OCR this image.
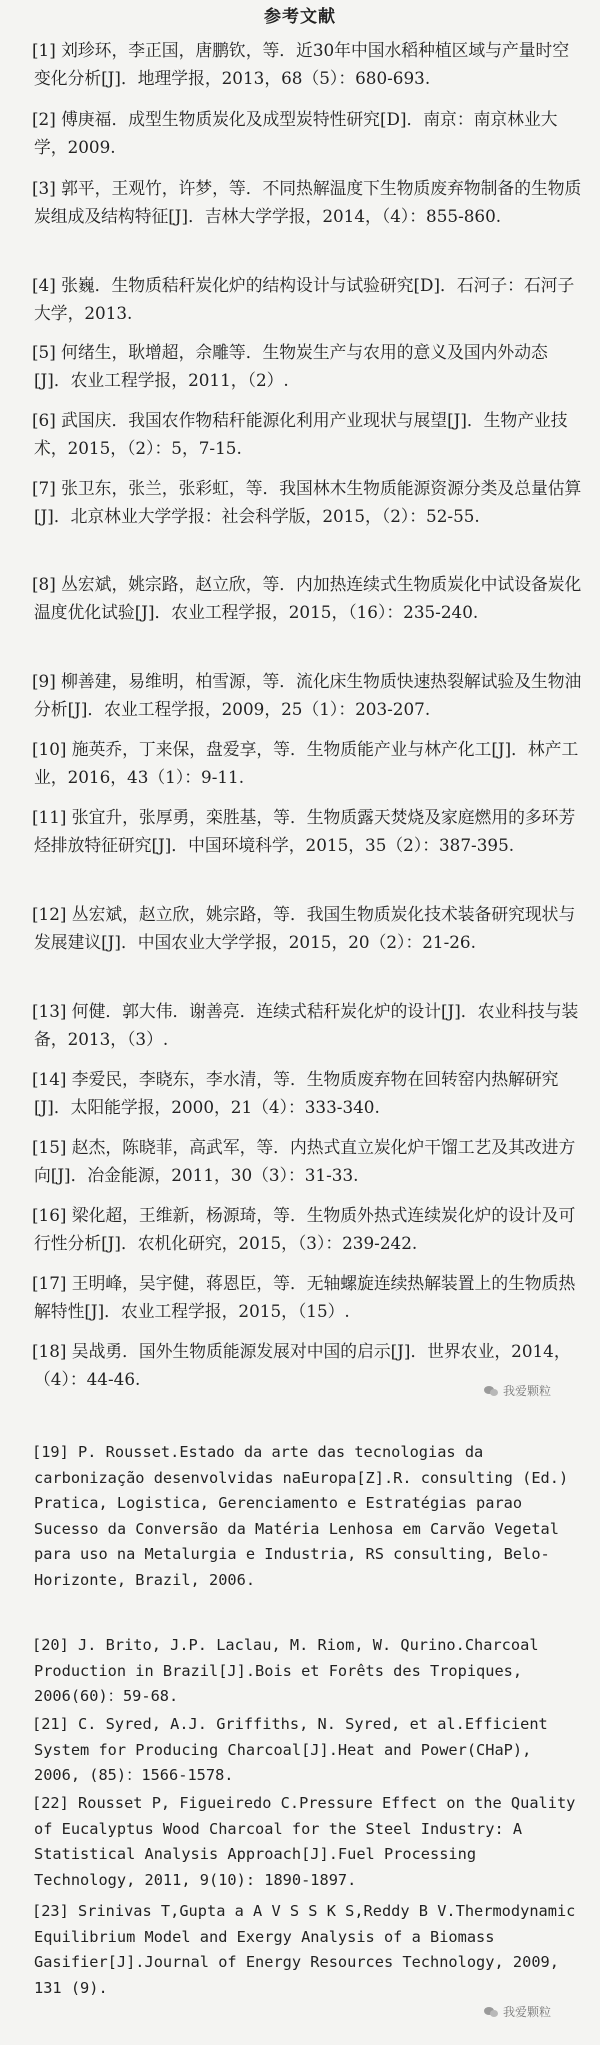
参考文献
[1] 刘珍环，李正国，唐鹏钦，等．近30年中国水稻种植区域与产量时空变化分析[J]．地理学报，2013，68（5）：680-693.
[2] 傅庚福．成型生物质炭化及成型炭特性研究[D]．南京：南京林业大学，2009.
[3] 郭平，王观竹，许梦，等．不同热解温度下生物质废弃物制备的生物质炭组成及结构特征[J]．吉林大学学报，2014，（4）：855-860.
[4] 张巍．生物质秸秆炭化炉的结构设计与试验研究[D]．石河子：石河子大学，2013.
[5] 何绪生，耿增超，佘雕等．生物炭生产与农用的意义及国内外动态[J]．农业工程学报，2011，（2）.
[6] 武国庆．我国农作物秸秆能源化利用产业现状与展望[J]．生物产业技术，2015，（2）：5，7-15.
[7] 张卫东，张兰，张彩虹，等．我国林木生物质能源资源分类及总量估算[J]．北京林业大学学报：社会科学版，2015，（2）：52-55.
[8] 丛宏斌，姚宗路，赵立欣，等．内加热连续式生物质炭化中试设备炭化温度优化试验[J]．农业工程学报，2015，（16）：235-240.
[9] 柳善建，易维明，柏雪源，等．流化床生物质快速热裂解试验及生物油分析[J]．农业工程学报，2009，25（1）：203-207.
[10] 施英乔，丁来保，盘爱享，等．生物质能产业与林产化工[J]．林产工业，2016，43（1）：9-11.
[11] 张宜升，张厚勇，栾胜基，等．生物质露天焚烧及家庭燃用的多环芳烃排放特征研究[J]．中国环境科学，2015，35（2）：387-395.
[12] 丛宏斌，赵立欣，姚宗路，等．我国生物质炭化技术装备研究现状与发展建议[J]．中国农业大学学报，2015，20（2）：21-26.
[13] 何健．郭大伟．谢善亮．连续式秸秆炭化炉的设计[J]．农业科技与装备，2013，（3）.
[14] 李爱民，李晓东，李水清，等．生物质废弃物在回转窑内热解研究[J]．太阳能学报，2000，21（4）：333-340.
[15] 赵杰，陈晓菲，高武军，等．内热式直立炭化炉干馏工艺及其改进方向[J]．冶金能源，2011，30（3）：31-33.
[16] 梁化超，王维新，杨源琦，等．生物质外热式连续炭化炉的设计及可行性分析[J]．农机化研究，2015，（3）：239-242.
[17] 王明峰，吴宇健，蒋恩臣，等．无轴螺旋连续热解装置上的生物质热解特性[J]．农业工程学报，2015，（15）.
[18] 吴战勇．国外生物质能源发展对中国的启示[J]．世界农业，2014，（4）：44-46.
我爱颗粒
[19] P. Rousset.Estado da arte das tecnologias da carbonização desenvolvidas naEuropa[Z].R. consulting (Ed.) Pratica, Logistica, Gerenciamento e Estratégias parao Sucesso da Conversão da Matéria Lenhosa em Carvão Vegetal para uso na Metalurgia e Industria, RS consulting, Belo-Horizonte, Brazil, 2006.
[20] J. Brito, J.P. Laclau, M. Riom, W. Qurino.Charcoal Production in Brazil[J].Bois et Forêts des Tropiques, 2006(60)：59-68.
[21] C. Syred, A.J. Griffiths, N. Syred, et al.Efficient System for Producing Charcoal[J].Heat and Power(CHaP), 2006, (85)：1566-1578.
[22] Rousset P, Figueiredo C.Pressure Effect on the Quality of Eucalyptus Wood Charcoal for the Steel Industry: A Statistical Analysis Approach[J].Fuel Processing Technology, 2011, 9(10): 1890-1897.
[23] Srinivas T,Gupta a A V S S K S,Reddy B V.Thermodynamic Equilibrium Model and Exergy Analysis of a Biomass Gasifier[J].Journal of Energy Resources Technology, 2009, 131 (9).
我爱颗粒
